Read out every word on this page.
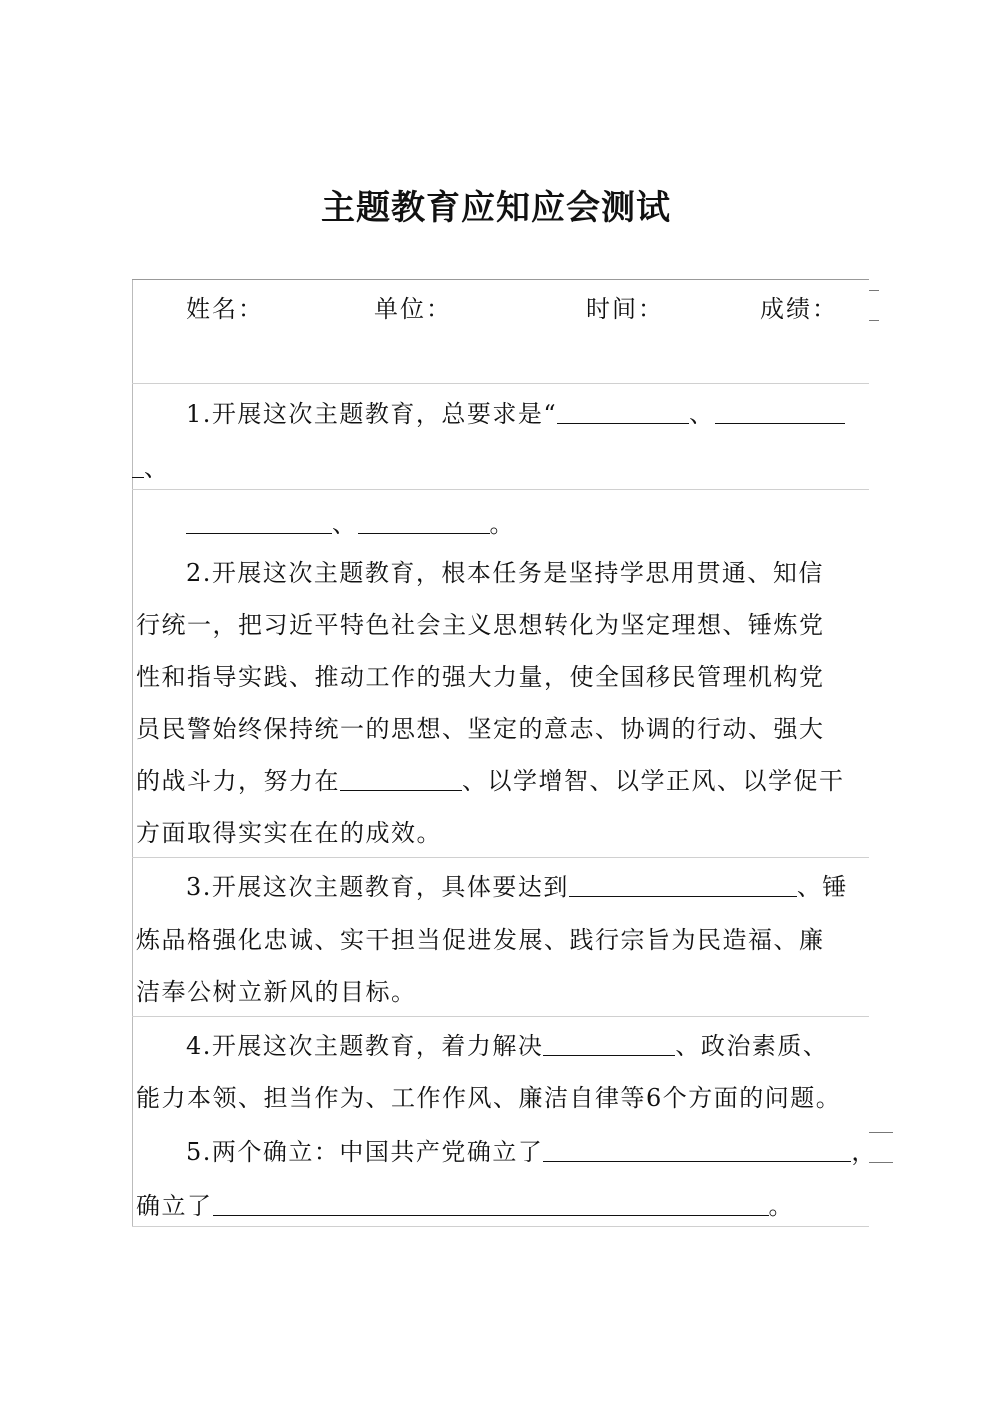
主题教育应知应会测试
姓名：	单位：	时间：	成绩：
1.开展这次主题教育，总要求是“	、
、
、	。
2.开展这次主题教育，根本任务是坚持学思用贯通、知信
行统一，把习近平特色社会主义思想转化为坚定理想、锤炼党
性和指导实践、推动工作的强大力量，使全国移民管理机构党
员民警始终保持统一的思想、坚定的意志、协调的行动、强大
的战斗力，努力在	、以学增智、以学正风、以学促干
方面取得实实在在的成效。
3.开展这次主题教育，具体要达到	、锤
炼品格强化忠诚、实干担当促进发展、践行宗旨为民造福、廉
洁奉公树立新风的目标。
4.开展这次主题教育，着力解决	、政治素质、
能力本领、担当作为、工作作风、廉洁自律等6个方面的问题。
5.两个确立：中国共产党确立了	，
确立了	。
